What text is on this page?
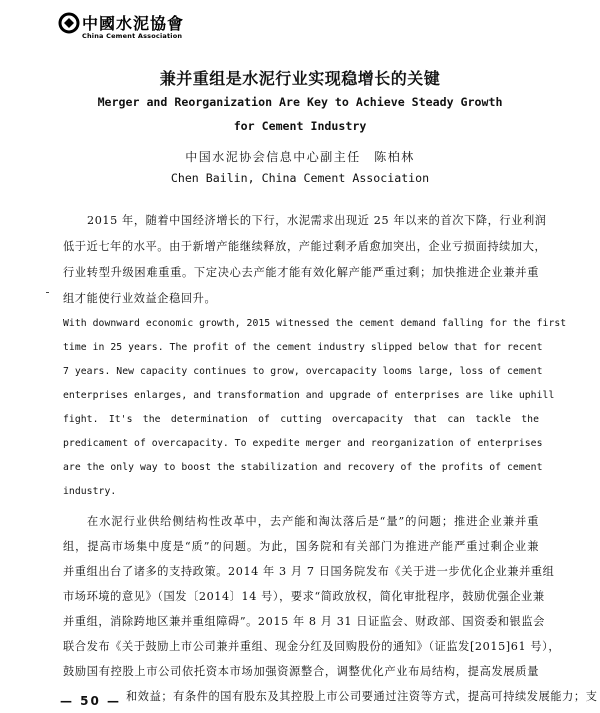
中國水泥協會
China Cement Association
兼并重组是水泥行业实现稳增长的关键
Merger and Reorganization Are Key to Achieve Steady Growth
for Cement Industry
中国水泥协会信息中心副主任　陈柏林
Chen Bailin, China Cement Association
2015 年，随着中国经济增长的下行，水泥需求出现近 25 年以来的首次下降，行业利润
低于近七年的水平。由于新增产能继续释放，产能过剩矛盾愈加突出，企业亏损面持续加大，
行业转型升级困难重重。下定决心去产能才能有效化解产能严重过剩；加快推进企业兼并重
组才能使行业效益企稳回升。
With downward economic growth, 2015 witnessed the cement demand falling for the first
time in 25 years. The profit of the cement industry slipped below that for recent
7 years. New capacity continues to grow, overcapacity looms large, loss of cement
enterprises enlarges, and transformation and upgrade of enterprises are like uphill
fight. It's the determination of cutting overcapacity that can tackle the
predicament of overcapacity. To expedite merger and reorganization of enterprises
are the only way to boost the stabilization and recovery of the profits of cement
industry.
在水泥行业供给侧结构性改革中，去产能和淘汰落后是“量”的问题；推进企业兼并重
组，提高市场集中度是“质”的问题。为此，国务院和有关部门为推进产能严重过剩企业兼
并重组出台了诸多的支持政策。2014 年 3 月 7 日国务院发布《关于进一步优化企业兼并重组
市场环境的意见》（国发〔2014〕14 号），要求“简政放权，简化审批程序，鼓励优强企业兼
并重组，消除跨地区兼并重组障碍”。2015 年 8 月 31 日证监会、财政部、国资委和银监会
联合发布《关于鼓励上市公司兼并重组、现金分红及回购股份的通知》（证监发[2015]61 号），
鼓励国有控股上市公司依托资本市场加强资源整合，调整优化产业布局结构，提高发展质量
和效益；有条件的国有股东及其控股上市公司要通过注资等方式，提高可持续发展能力；支
— 50 —
